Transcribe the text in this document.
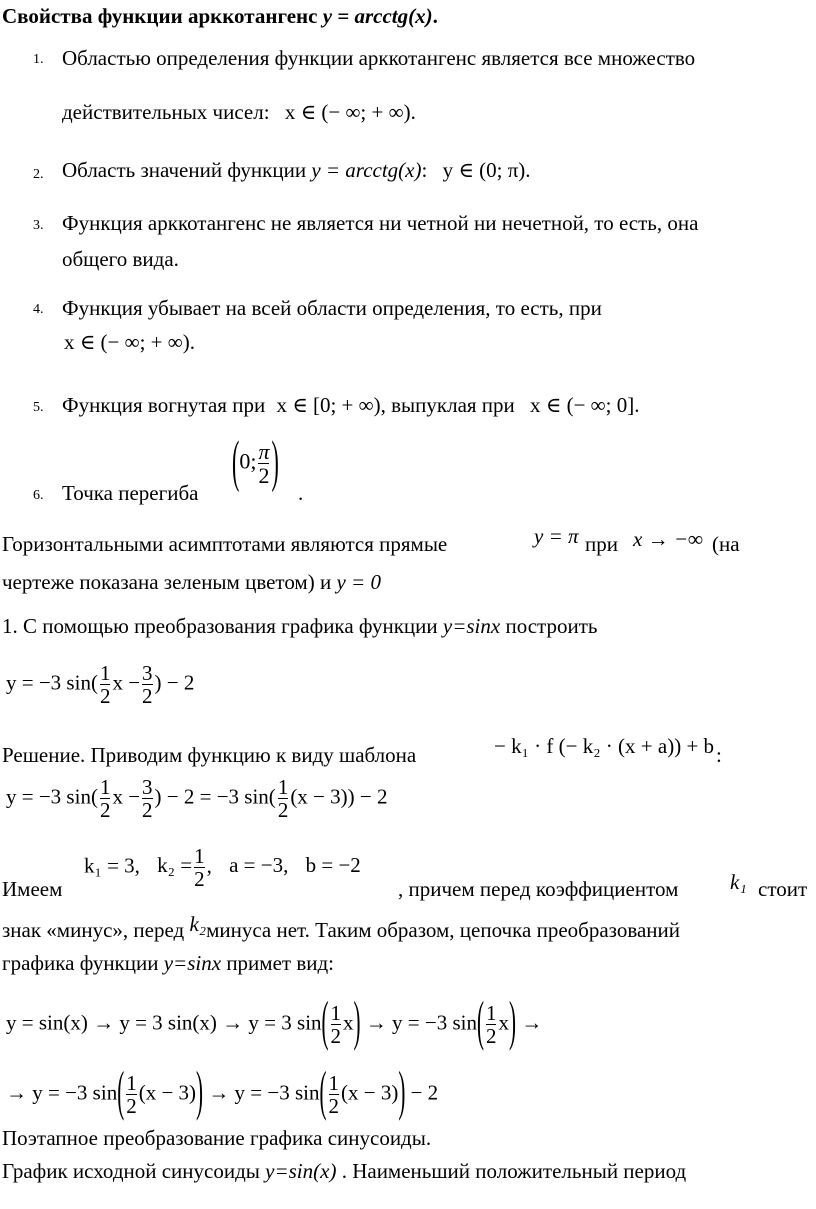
Свойства функции арккотангенс y = arcctg(x).
1. Областью определения функции арккотангенс является все множество
действительных чисел: x ∈ (− ∞; + ∞).
2. Область значений функции y = arcctg(x): y ∈ (0; π).
3. Функция арккотангенс не является ни четной ни нечетной, то есть, она
общего вида.
4. Функция убывает на всей области определения, то есть, при
x ∈ (− ∞; + ∞).
5. Функция вогнутая при x ∈ [0; + ∞), выпуклая при x ∈ (− ∞; 0].
6. Точка перегиба
(0; $\frac{\pi}{2}$ )
.
Горизонтальными асимптотами являются прямые	y = π при x → −∞ (на
чертеже показана зеленым цветом) и y = 0
1. С помощью преобразования графика функции y=sinx построить
y = −3 $\sin( \frac{1}{2}$ $x - \frac{3}{2}$ ) − 2
Решение. Приводим функцию к виду шаблона	− k₁ · f (− k₂ · (x + a)) + b :
y = −3 $\sin( \frac{1}{2}$ $x - \frac{3}{2}$ ) − 2 = −3 $\sin( \frac{1}{2} (x - 3)) - 2$
Имеем
k₁ = 3, $k_2 = \frac{1}{2}$ , a = −3, b = −2
, причем перед коэффициентом k₁ стоит
знак «минус», перед k₂минуса нет. Таким образом, цепочка преобразований
графика функции y=sinx примет вид:
y = sin(x) → y = 3 sin(x) → y = 3 $\sin( \frac{1}{2} x) \to y = -3$ $\sin( \frac{1}{2} x)$ →
→ y = −3 $\sin( \frac{1}{2} (x - 3)) \to y = -3$ $\sin( \frac{1}{2} (x - 3)) - 2$
Поэтапное преобразование графика синусоиды.
График исходной синусоиды y=sin(x) . Наименьший положительный период
